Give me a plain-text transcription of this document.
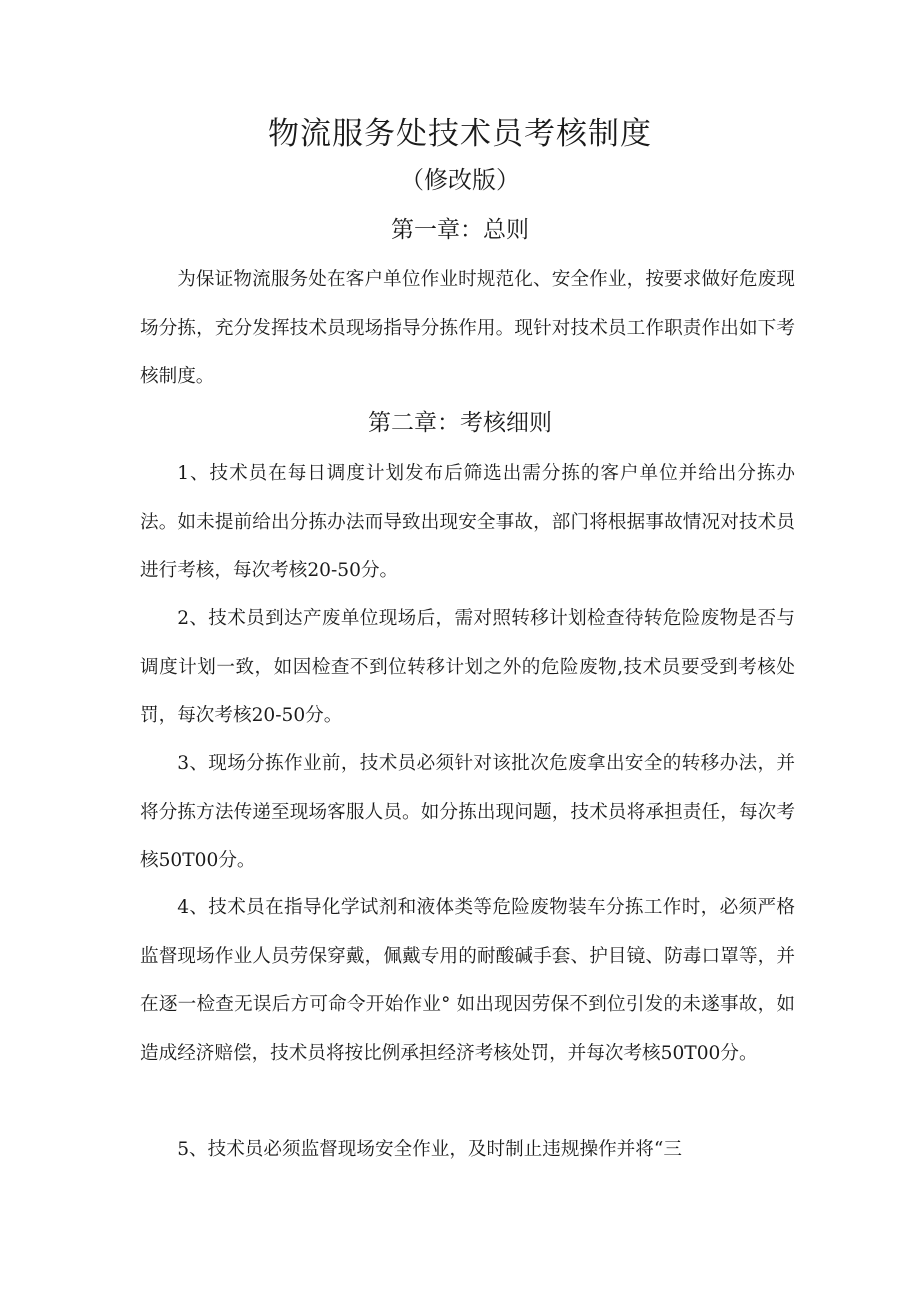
物流服务处技术员考核制度
（修改版）
第一章：总则

为保证物流服务处在客户单位作业时规范化、安全作业，按要求做好危废现场分拣，充分发挥技术员现场指导分拣作用。现针对技术员工作职责作出如下考核制度。

第二章：考核细则

1、技术员在每日调度计划发布后筛选出需分拣的客户单位并给出分拣办法。如未提前给出分拣办法而导致出现安全事故，部门将根据事故情况对技术员进行考核，每次考核20-50分。

2、技术员到达产废单位现场后，需对照转移计划检查待转危险废物是否与调度计划一致，如因检查不到位转移计划之外的危险废物,技术员要受到考核处罚，每次考核20-50分。

3、现场分拣作业前，技术员必须针对该批次危废拿出安全的转移办法，并将分拣方法传递至现场客服人员。如分拣出现问题，技术员将承担责任，每次考核50T00分。

4、技术员在指导化学试剂和液体类等危险废物装车分拣工作时，必须严格监督现场作业人员劳保穿戴，佩戴专用的耐酸碱手套、护目镜、防毒口罩等，并在逐一检查无误后方可命令开始作业° 如出现因劳保不到位引发的未遂事故，如造成经济赔偿，技术员将按比例承担经济考核处罚，并每次考核50T00分。

5、技术员必须监督现场安全作业，及时制止违规操作并将“三
